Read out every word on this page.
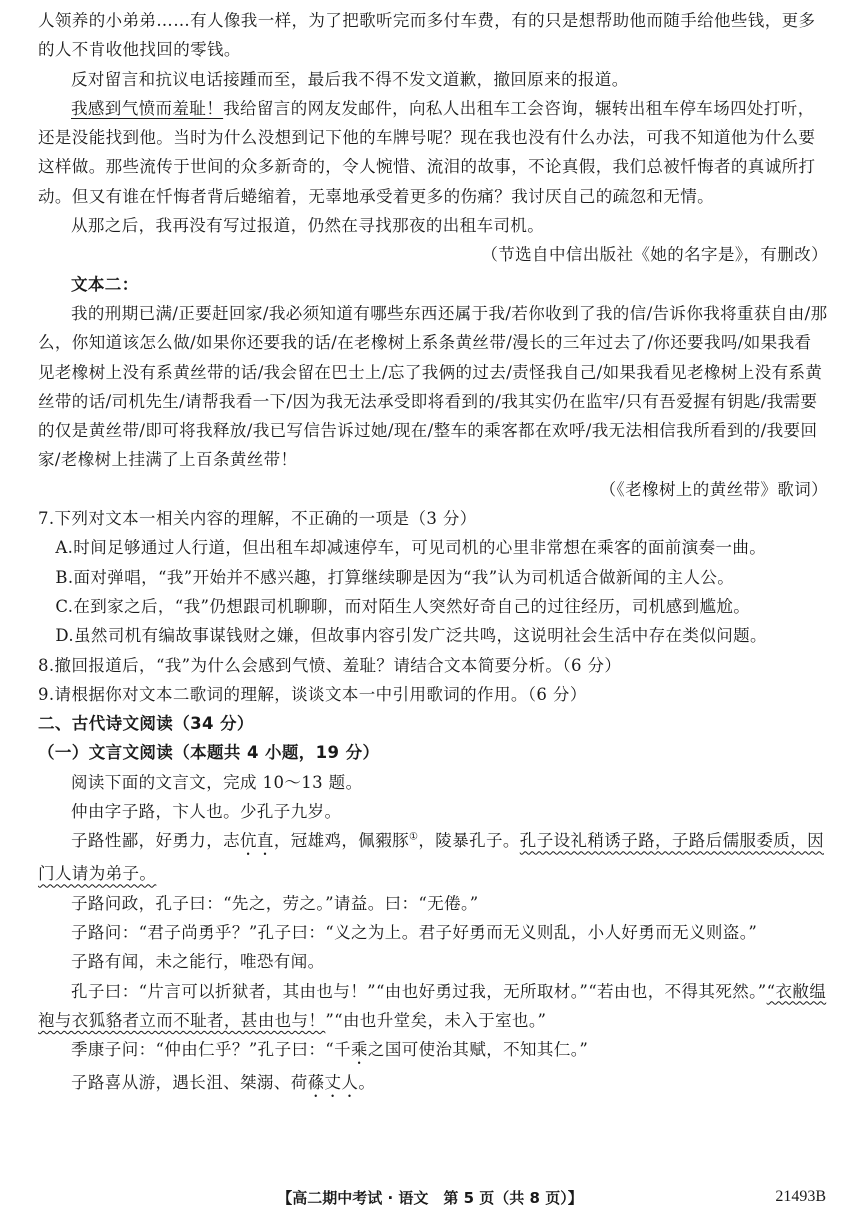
人领养的小弟弟……有人像我一样，为了把歌听完而多付车费，有的只是想帮助他而随手给他些钱，更多的人不肯收他找回的零钱。

反对留言和抗议电话接踵而至，最后我不得不发文道歉，撤回原来的报道。

我感到气愤而羞耻！我给留言的网友发邮件，向私人出租车工会咨询，辗转出租车停车场四处打听，还是没能找到他。当时为什么没想到记下他的车牌号呢？现在我也没有什么办法，可我不知道他为什么要这样做。那些流传于世间的众多新奇的，令人惋惜、流泪的故事，不论真假，我们总被忏悔者的真诚所打动。但又有谁在忏悔者背后蜷缩着，无辜地承受着更多的伤痛？我讨厌自己的疏忽和无情。

从那之后，我再没有写过报道，仍然在寻找那夜的出租车司机。

（节选自中信出版社《她的名字是》，有删改）

文本二：

我的刑期已满/正要赶回家/我必须知道有哪些东西还属于我/若你收到了我的信/告诉你我将重获自由/那么，你知道该怎么做/如果你还要我的话/在老橡树上系条黄丝带/漫长的三年过去了/你还要我吗/如果我看见老橡树上没有系黄丝带的话/我会留在巴士上/忘了我俩的过去/责怪我自己/如果我看见老橡树上没有系黄丝带的话/司机先生/请帮我看一下/因为我无法承受即将看到的/我其实仍在监牢/只有吾爱握有钥匙/我需要的仅是黄丝带/即可将我释放/我已写信告诉过她/现在/整车的乘客都在欢呼/我无法相信我所看到的/我要回家/老橡树上挂满了上百条黄丝带！

（《老橡树上的黄丝带》歌词）

7.下列对文本一相关内容的理解，不正确的一项是（3 分）

A.时间足够通过人行道，但出租车却减速停车，可见司机的心里非常想在乘客的面前演奏一曲。

B.面对弹唱，“我”开始并不感兴趣，打算继续聊是因为“我”认为司机适合做新闻的主人公。

C.在到家之后，“我”仍想跟司机聊聊，而对陌生人突然好奇自己的过往经历，司机感到尴尬。

D.虽然司机有编故事谋钱财之嫌，但故事内容引发广泛共鸣，这说明社会生活中存在类似问题。

8.撤回报道后，“我”为什么会感到气愤、羞耻？请结合文本简要分析。（6 分）

9.请根据你对文本二歌词的理解，谈谈文本一中引用歌词的作用。（6 分）

二、古代诗文阅读（34 分）

（一）文言文阅读（本题共 4 小题，19 分）

阅读下面的文言文，完成 10～13 题。

仲由字子路，卞人也。少孔子九岁。

子路性鄙，好勇力，志伉直，冠雄鸡，佩豭豚①，陵暴孔子。孔子设礼稍诱子路，子路后儒服委质，因门人请为弟子。

子路问政，孔子曰：“先之，劳之。”请益。曰：“无倦。”

子路问：“君子尚勇乎？”孔子曰：“义之为上。君子好勇而无义则乱，小人好勇而无义则盗。”

子路有闻，未之能行，唯恐有闻。

孔子曰：“片言可以折狱者，其由也与！”“由也好勇过我，无所取材。”“若由也，不得其死然。”“衣敝缊袍与衣狐貉者立而不耻者，甚由也与！”“由也升堂矣，未入于室也。”

季康子问：“仲由仁乎？”孔子曰：“千乘之国可使治其赋，不知其仁。”

子路喜从游，遇长沮、桀溺、荷蓧丈人。

【高二期中考试 · 语文　第 5 页（共 8 页）】	21493B
